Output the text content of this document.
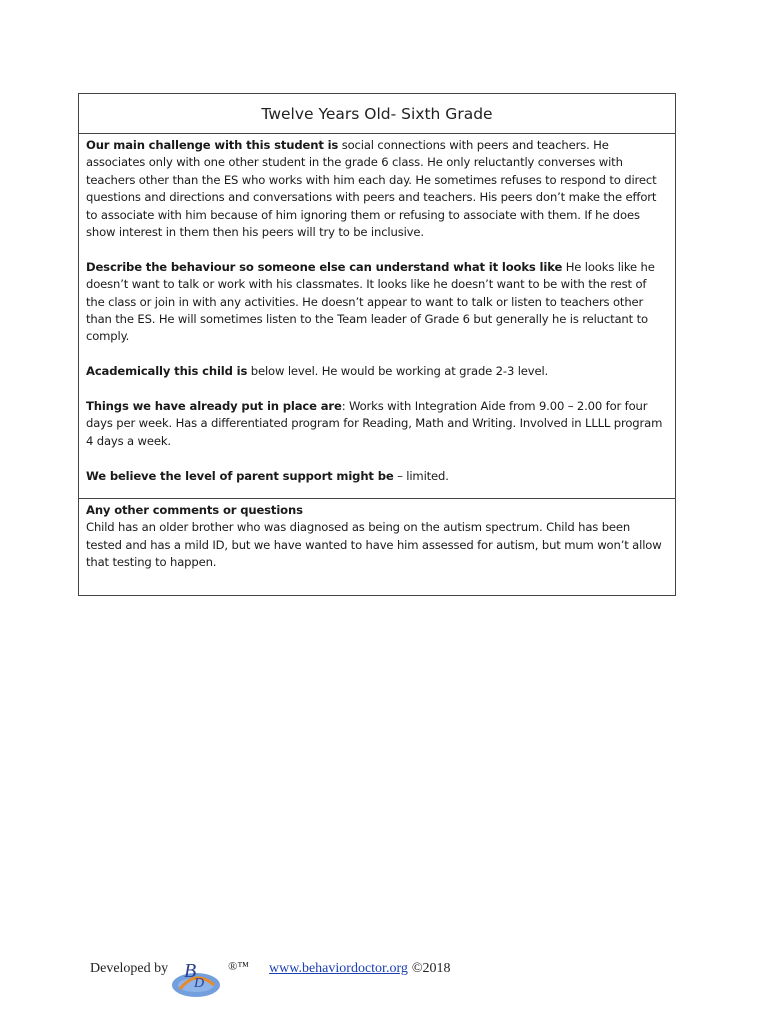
Twelve Years Old- Sixth Grade

Our main challenge with this student is social connections with peers and teachers. He associates only with one other student in the grade 6 class. He only reluctantly converses with teachers other than the ES who works with him each day. He sometimes refuses to respond to direct questions and directions and conversations with peers and teachers. His peers don’t make the effort to associate with him because of him ignoring them or refusing to associate with them. If he does show interest in them then his peers will try to be inclusive.

Describe the behaviour so someone else can understand what it looks like He looks like he doesn’t want to talk or work with his classmates. It looks like he doesn’t want to be with the rest of the class or join in with any activities. He doesn’t appear to want to talk or listen to teachers other than the ES. He will sometimes listen to the Team leader of Grade 6 but generally he is reluctant to comply.

Academically this child is below level. He would be working at grade 2-3 level.

Things we have already put in place are: Works with Integration Aide from 9.00 – 2.00 for four days per week. Has a differentiated program for Reading, Math and Writing. Involved in LLLL program 4 days a week.

We believe the level of parent support might be – limited.

Any other comments or questions

Child has an older brother who was diagnosed as being on the autism spectrum. Child has been tested and has a mild ID, but we have wanted to have him assessed for autism, but mum won’t allow that testing to happen.

Developed by B
D
®™ www.behaviordoctor.org ©2018
